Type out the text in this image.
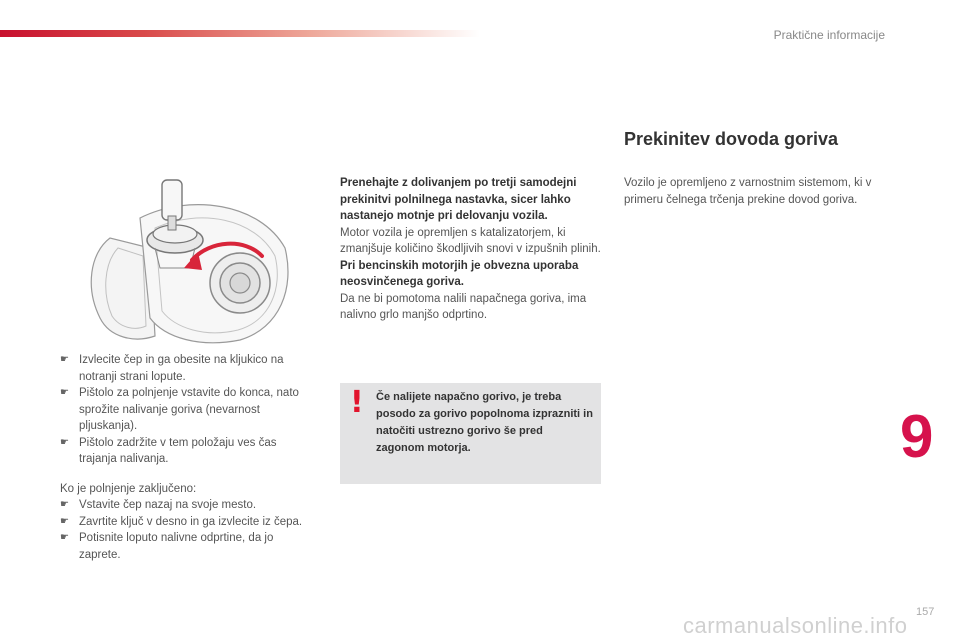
Praktične informacije
☛ Izvlecite čep in ga obesite na kljukico na notranji strani lopute.
☛ Pištolo za polnjenje vstavite do konca, nato sprožite nalivanje goriva (nevarnost pljuskanja).
☛ Pištolo zadržite v tem položaju ves čas trajanja nalivanja.

Ko je polnjenje zaključeno:

☛ Vstavite čep nazaj na svoje mesto.
☛ Zavrtite ključ v desno in ga izvlecite iz čepa.
☛ Potisnite loputo nalivne odprtine, da jo zaprete.

Prenehajte z dolivanjem po tretji samodejni prekinitvi polnilnega nastavka, sicer lahko nastanejo motnje pri delovanju vozila.

Motor vozila je opremljen s katalizatorjem, ki zmanjšuje količino škodljivih snovi v izpušnih plinih.

Pri bencinskih motorjih je obvezna uporaba neosvinčenega goriva.

Da ne bi pomotoma nalili napačnega goriva, ima nalivno grlo manjšo odprtino.

! Če nalijete napačno gorivo, je treba posodo za gorivo popolnoma izprazniti in natočiti ustrezno gorivo še pred zagonom motorja.
Prekinitev dovoda goriva
Vozilo je opremljeno z varnostnim sistemom, ki v primeru čelnega trčenja prekine dovod goriva.
9
157
carmanualsonline.info
